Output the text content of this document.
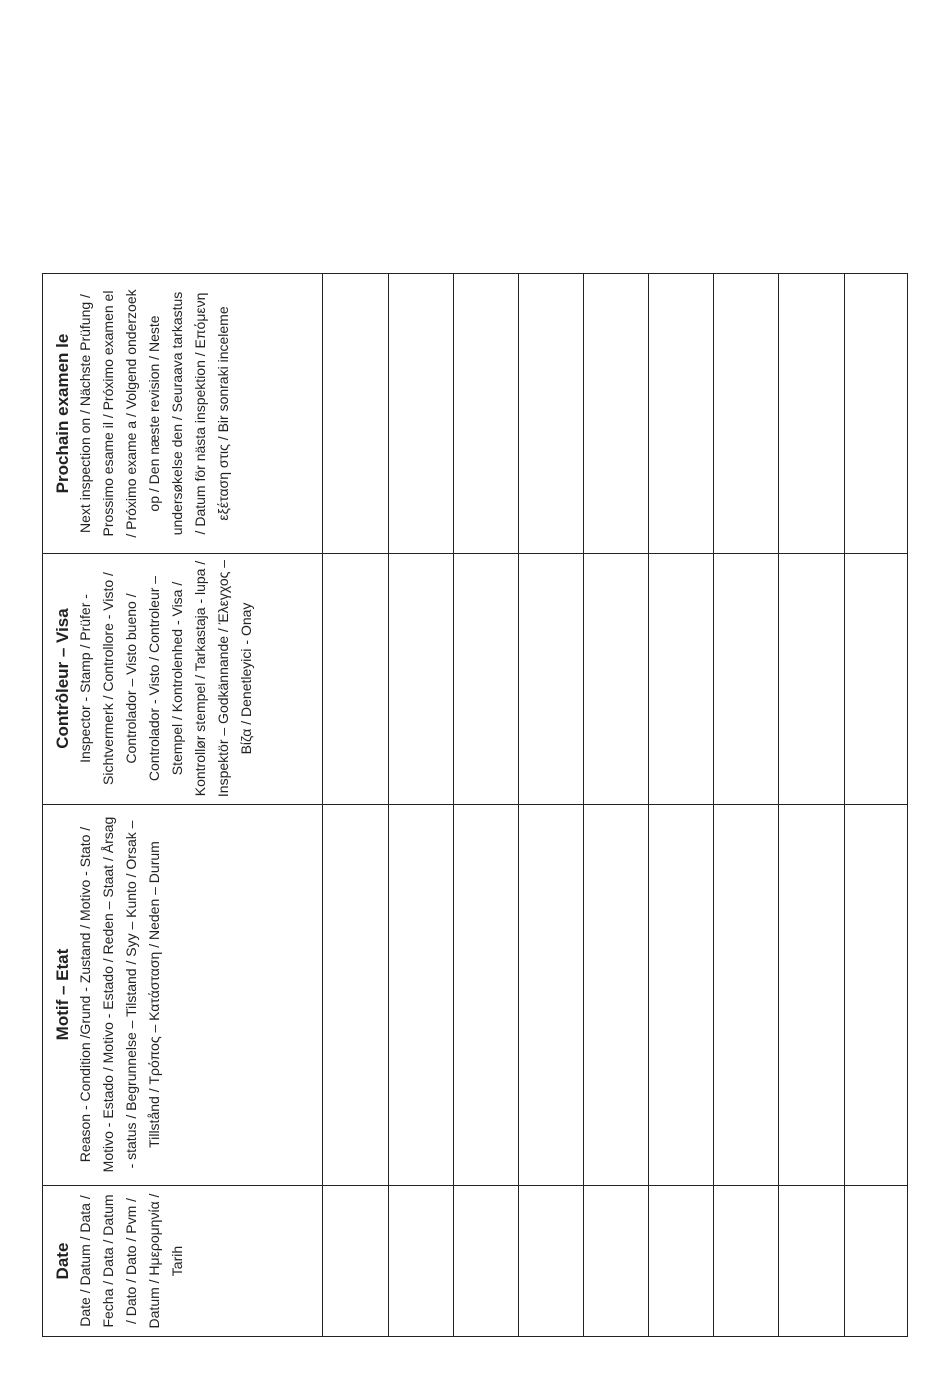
Prochain examen le Next inspection on / Nächste Prüfung / Prossimo esame il / Próximo examen el / Próximo exame a / Volgend onderzoek op / Den næste revision / Neste undersøkelse den / Seuraava tarkastus / Datum för nästa inspektion / Επόμενη εξέταση στις / Bir sonraki inceleme
Contrôleur – Visa Inspector - Stamp / Prüfer - Sichtvermerk / Controllore - Visto / Controlador – Visto bueno / Controlador - Visto / Controleur – Stempel / Kontrolenhed - Visa / Kontrollør stempel / Tarkastaja - lupa / Inspektör – Godkännande / Έλεγχος – Βίζα / Denetleyici - Onay
Motif – Etat Reason - Condition /Grund - Zustand / Motivo - Stato / Motivo - Estado / Motivo - Estado / Reden – Staat / Årsag - status / Begrunnelse – Tilstand / Syy – Kunto / Orsak – Tillstånd / Τρόπος – Κατάσταση / Neden – Durum
Date Date / Datum / Data / Fecha / Data / Datum / Dato / Dato / Pvm / Datum / Ημερομηνία / Tarih
